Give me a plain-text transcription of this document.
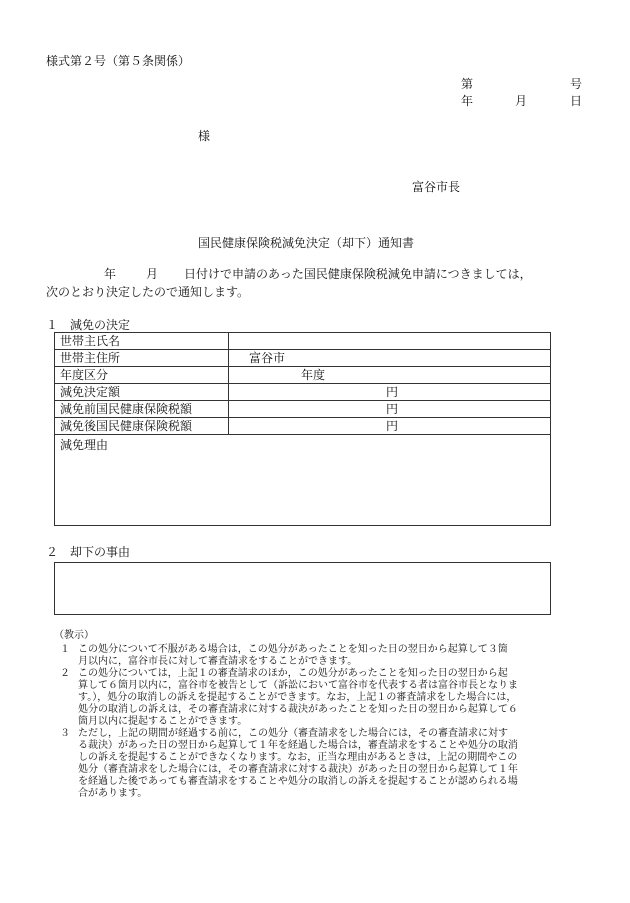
様式第２号（第５条関係）
第	号
年	月	日
様
富谷市長
国民健康保険税減免決定（却下）通知書
年 月 日付けで申請のあった国民健康保険税減免申請につきましては，
次のとおり決定したので通知します。
１　減免の決定
世帯主氏名
世帯主住所	富谷市
年度区分	年度
減免決定額	円
減免前国民健康保険税額	円
減免後国民健康保険税額	円
減免理由
２　却下の事由
（教示）
１ この処分について不服がある場合は，この処分があったことを知った日の翌日から起算して３箇
月以内に，富谷市長に対して審査請求をすることができます。
２ この処分については，上記１の審査請求のほか，この処分があったことを知った日の翌日から起
算して６箇月以内に，富谷市を被告として（訴訟において富谷市を代表する者は富谷市長となりま
す。），処分の取消しの訴えを提起することができます。なお，上記１の審査請求をした場合には，
処分の取消しの訴えは，その審査請求に対する裁決があったことを知った日の翌日から起算して６
箇月以内に提起することができます。
３ ただし，上記の期間が経過する前に，この処分（審査請求をした場合には，その審査請求に対す
る裁決）があった日の翌日から起算して１年を経過した場合は，審査請求をすることや処分の取消
しの訴えを提起することができなくなります。なお，正当な理由があるときは，上記の期間やこの
処分（審査請求をした場合には，その審査請求に対する裁決）があった日の翌日から起算して１年
を経過した後であっても審査請求をすることや処分の取消しの訴えを提起することが認められる場
合があります。
